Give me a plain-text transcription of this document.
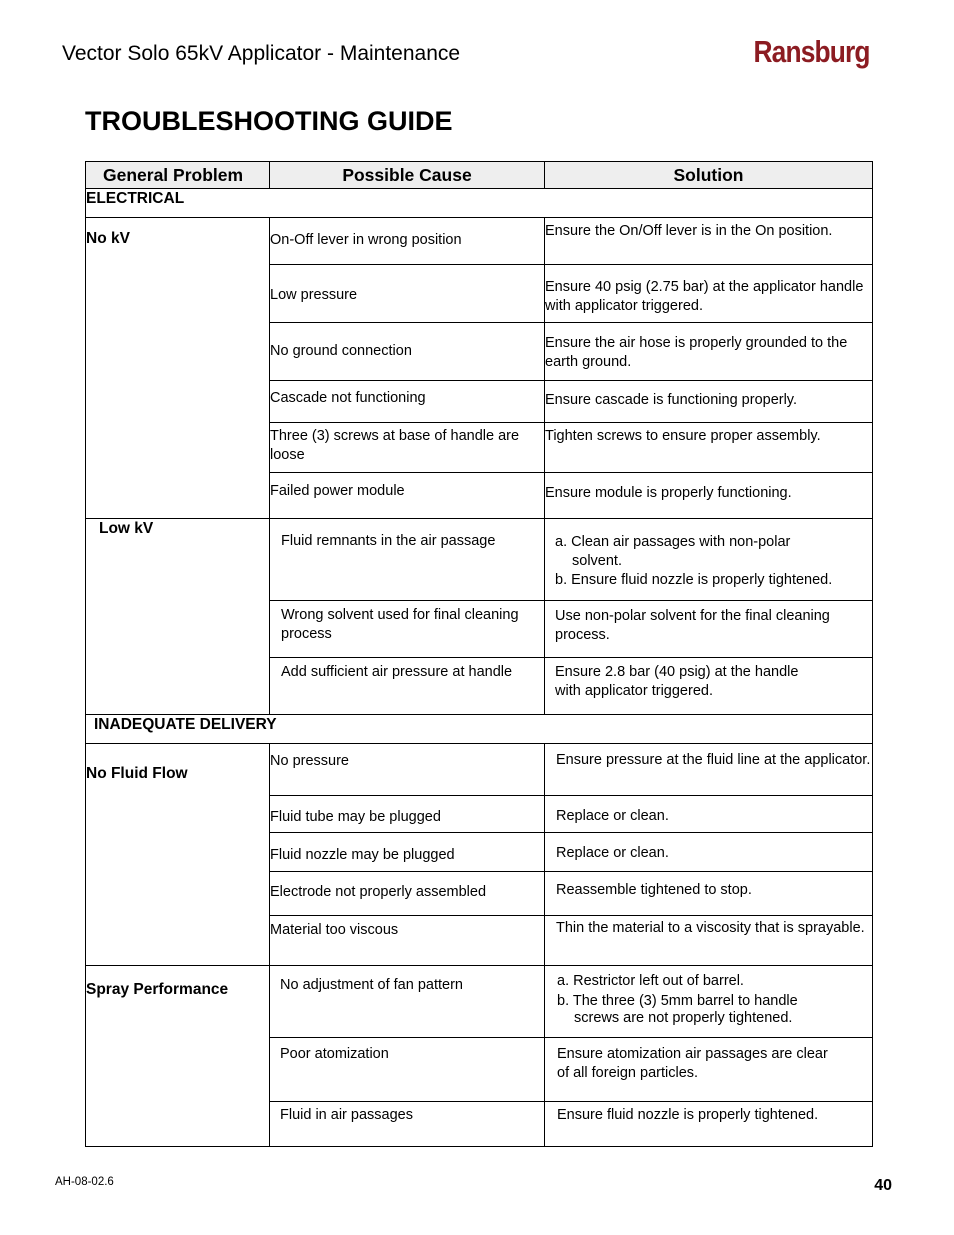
Vector Solo 65kV Applicator - Maintenance	Ransburg
TROUBLESHOOTING GUIDE
General Problem	Possible Cause	Solution
ELECTRICAL		
No kV	On-Off lever in wrong position	Ensure the On/Off lever is in the On position.
	Low pressure	Ensure 40 psig (2.75 bar) at the applicator handle with applicator triggered.
	No ground connection	Ensure the air hose is properly grounded to the earth ground.
	Cascade not functioning	Ensure cascade is functioning properly.
	Three (3) screws at base of handle are loose	Tighten screws to ensure proper assembly.
	Failed power module	Ensure module is properly functioning.
Low kV	Fluid remnants in the air passage	a. Clean air passages with non-polar
solvent.
b. Ensure fluid nozzle is properly tightened.

	Wrong solvent used for final cleaning process	Use non-polar solvent for the final cleaning process.
	Add sufficient air pressure at handle	Ensure 2.8 bar (40 psig) at the handle with applicator triggered.
INADEQUATE DELIVERY		
No Fluid Flow	No pressure	Ensure pressure at the fluid line at the applicator.
	Fluid tube may be plugged	Replace or clean.
	Fluid nozzle may be plugged	Replace or clean.
	Electrode not properly assembled	Reassemble tightened to stop.
	Material too viscous	Thin the material to a viscosity that is sprayable.
Spray Performance	No adjustment of fan pattern	a. Restrictor left out of barrel.
b. The three (3) 5mm barrel to handle
screws are not properly tightened.

	Poor atomization	Ensure atomization air passages are clear of all foreign particles.
	Fluid in air passages	Ensure fluid nozzle is properly tightened.
AH-08-02.6	40
